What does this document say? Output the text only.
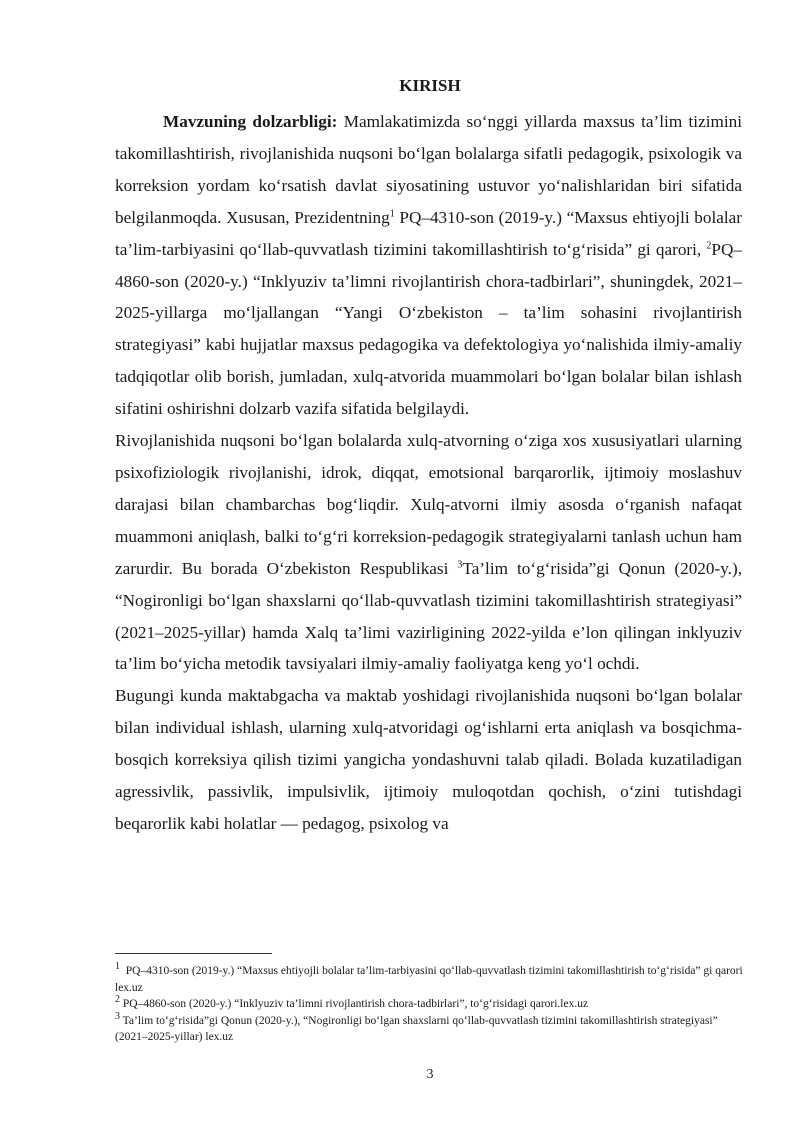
KIRISH

Mavzuning dolzarbligi: Mamlakatimizda so‘nggi yillarda maxsus ta’lim tizimini takomillashtirish, rivojlanishida nuqsoni bo‘lgan bolalarga sifatli pedagogik, psixologik va korreksion yordam ko‘rsatish davlat siyosatining ustuvor yo‘nalishlaridan biri sifatida belgilanmoqda. Xususan, Prezidentning$^1$ PQ–4310-son (2019-y.) “Maxsus ehtiyojli bolalar ta’lim-tarbiyasini qo‘llab-quvvatlash tizimini takomillashtirish to‘g‘risida” gi qarori, $^2$PQ–4860-son (2020-y.) “Inklyuziv ta’limni rivojlantirish chora-tadbirlari”, shuningdek, 2021–2025-yillarga mo‘ljallangan “Yangi O‘zbekiston – ta’lim sohasini rivojlantirish strategiyasi” kabi hujjatlar maxsus pedagogika va defektologiya yo‘nalishida ilmiy-amaliy tadqiqotlar olib borish, jumladan, xulq-atvorida muammolari bo‘lgan bolalar bilan ishlash sifatini oshirishni dolzarb vazifa sifatida belgilaydi.

Rivojlanishida nuqsoni bo‘lgan bolalarda xulq-atvorning o‘ziga xos xususiyatlari ularning psixofiziologik rivojlanishi, idrok, diqqat, emotsional barqarorlik, ijtimoiy moslashuv darajasi bilan chambarchas bog‘liqdir. Xulq-atvorni ilmiy asosda o‘rganish nafaqat muammoni aniqlash, balki to‘g‘ri korreksion-pedagogik strategiyalarni tanlash uchun ham zarurdir. Bu borada O‘zbekiston Respublikasi $^3$Ta’lim to‘g‘risida”gi Qonun (2020-y.), “Nogironligi bo‘lgan shaxslarni qo‘llab-quvvatlash tizimini takomillashtirish strategiyasi” (2021–2025-yillar) hamda Xalq ta’limi vazirligining 2022-yilda e’lon qilingan inklyuziv ta’lim bo‘yicha metodik tavsiyalari ilmiy-amaliy faoliyatga keng yo‘l ochdi.

Bugungi kunda maktabgacha va maktab yoshidagi rivojlanishida nuqsoni bo‘lgan bolalar bilan individual ishlash, ularning xulq-atvoridagi og‘ishlarni erta aniqlash va bosqichma-bosqich korreksiya qilish tizimi yangicha yondashuvni talab qiladi. Bolada kuzatiladigan agressivlik, passivlik, impulsivlik, ijtimoiy muloqotdan qochish, o‘zini tutishdagi beqarorlik kabi holatlar — pedagog, psixolog va

$^1$ PQ–4310-son (2019-y.) “Maxsus ehtiyojli bolalar ta’lim-tarbiyasini qo‘llab-quvvatlash tizimini takomillashtirish to‘g‘risida” gi qarori lex.uz

$^2$ PQ–4860-son (2020-y.) “Inklyuziv ta’limni rivojlantirish chora-tadbirlari”, to‘g‘risidagi qarori.lex.uz

$^3$ Ta’lim to‘g‘risida”gi Qonun (2020-y.), “Nogironligi bo‘lgan shaxslarni qo‘llab-quvvatlash tizimini takomillashtirish strategiyasi” (2021–2025-yillar) lex.uz

3
